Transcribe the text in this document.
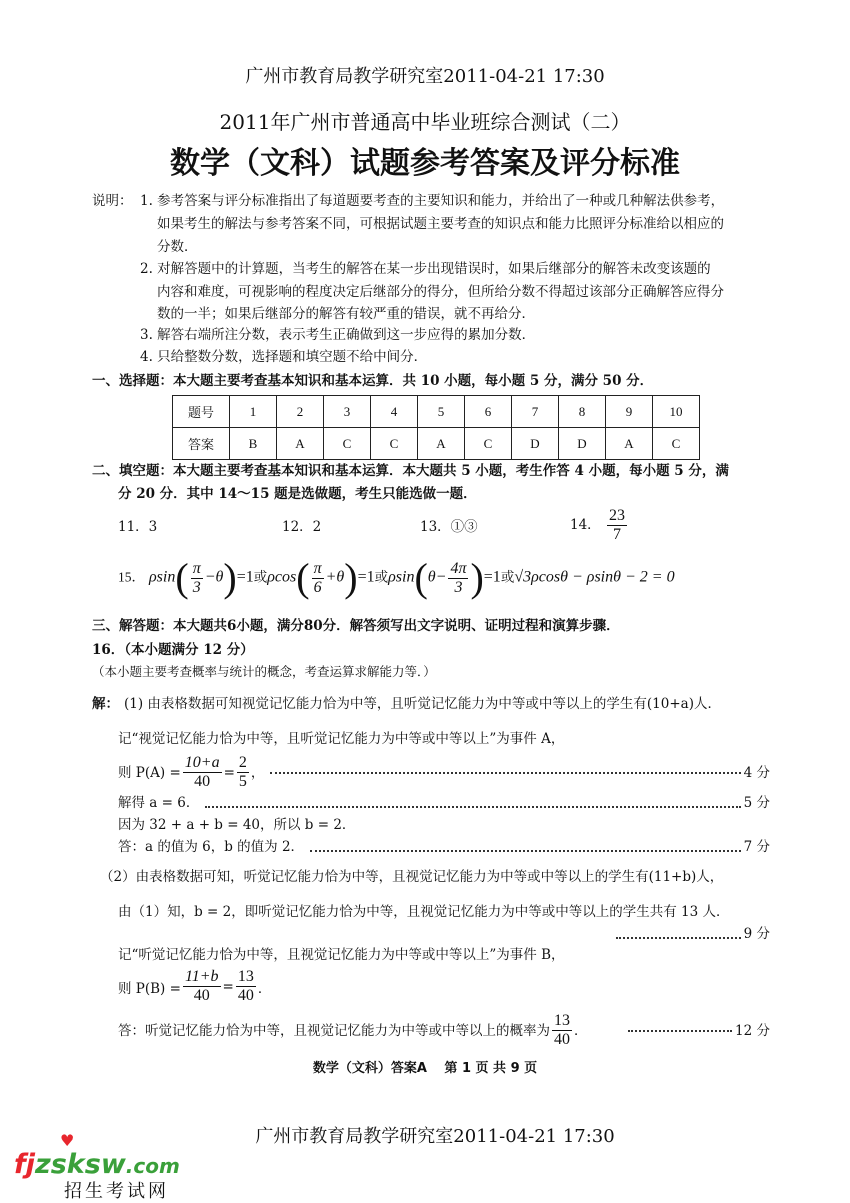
广州市教育局教学研究室2011-04-21 17:30
2011年广州市普通高中毕业班综合测试（二）
数学（文科）试题参考答案及评分标准
说明： 1. 参考答案与评分标准指出了每道题要考查的主要知识和能力，并给出了一种或几种解法供参考，
如果考生的解法与参考答案不同，可根据试题主要考查的知识点和能力比照评分标准给以相应的
分数．
2. 对解答题中的计算题，当考生的解答在某一步出现错误时，如果后继部分的解答未改变该题的
内容和难度，可视影响的程度决定后继部分的得分，但所给分数不得超过该部分正确解答应得分
数的一半；如果后继部分的解答有较严重的错误，就不再给分．
3. 解答右端所注分数，表示考生正确做到这一步应得的累加分数．
4. 只给整数分数，选择题和填空题不给中间分．
一、选择题：本大题主要考查基本知识和基本运算．共 10 小题，每小题 5 分，满分 50 分．
题号	1	2	3	4	5	6	7	8	9	10
答案	B	A	C	C	A	C	D	D	A	C
二、填空题：本大题主要考查基本知识和基本运算．本大题共 5 小题，考生作答 4 小题，每小题 5 分，满
分 20 分．其中 14～15 题是选做题，考生只能选做一题．
11．3	12．2	13．①③	14． $\frac{23}{7}$
15． $\rho\sin( \frac{\pi}{3} -\theta)=1$或$\rho\cos( \frac{\pi}{6} +\theta)=1$或$\rho\sin(\theta- \frac{4\pi}{3} )=1$或√3ρcosθ − ρsinθ − 2 = 0
三、解答题：本大题共6小题，满分80分．解答须写出文字说明、证明过程和演算步骤．
16．（本小题满分 12 分）
（本小题主要考查概率与统计的概念，考查运算求解能力等．）
解： (1) 由表格数据可知视觉记忆能力恰为中等，且听觉记忆能力为中等或中等以上的学生有(10+a)人．
记“视觉记忆能力恰为中等，且听觉记忆能力为中等或中等以上”为事件 A，
则 $P(A) = \frac{10+a}{40} = \frac{2}{5}$ ，	4 分
解得 a = 6．	5 分
因为 32 + a + b = 40，所以 b = 2．
答：a 的值为 6，b 的值为 2．	7 分
（2）由表格数据可知，听觉记忆能力恰为中等，且视觉记忆能力为中等或中等以上的学生有(11+b)人，
由（1）知，b = 2，即听觉记忆能力恰为中等，且视觉记忆能力为中等或中等以上的学生共有 13 人．
9 分
记“听觉记忆能力恰为中等，且视觉记忆能力为中等或中等以上”为事件 B，
则 $P(B) = \frac{11+b}{40} = \frac{13}{40}$ ．
答：听觉记忆能力恰为中等，且视觉记忆能力为中等或中等以上的概率为 $\frac{13}{40}$ ．	12 分
数学（文科）答案A　 第 1 页 共 9 页
广州市教育局教学研究室2011-04-21 17:30
♥
fjzsksw.com
招生考试网
